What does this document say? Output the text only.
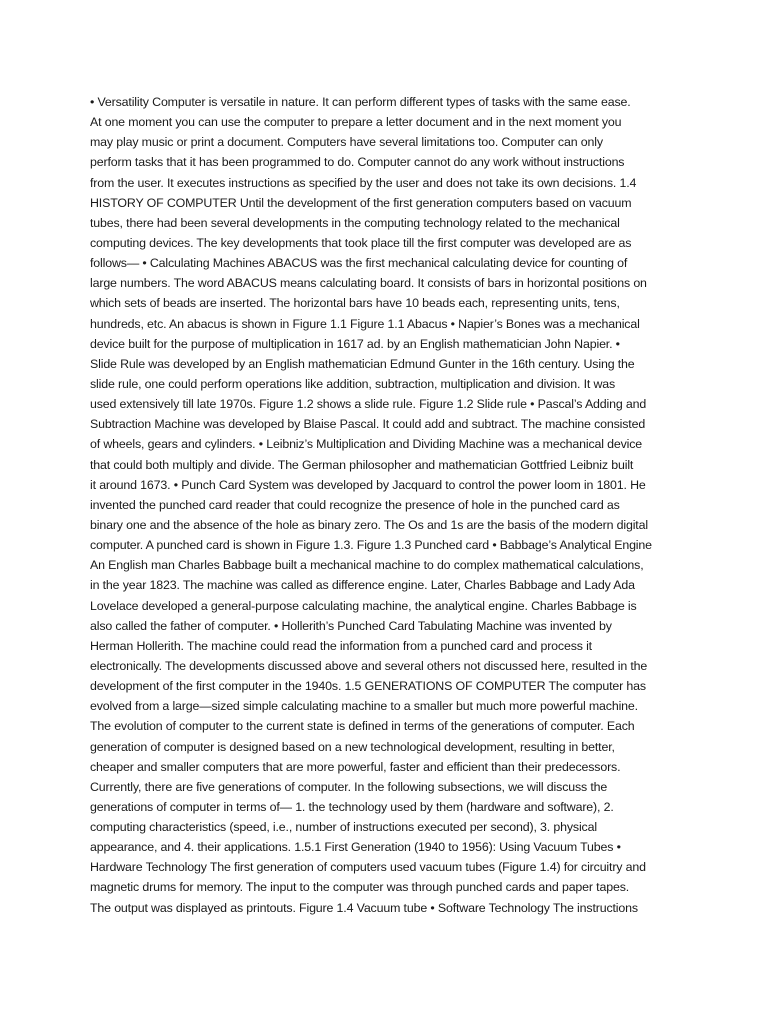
• Versatility Computer is versatile in nature. It can perform different types of tasks with the same ease.
At one moment you can use the computer to prepare a letter document and in the next moment you
may play music or print a document. Computers have several limitations too. Computer can only
perform tasks that it has been programmed to do. Computer cannot do any work without instructions
from the user. It executes instructions as specified by the user and does not take its own decisions. 1.4
HISTORY OF COMPUTER Until the development of the first generation computers based on vacuum
tubes, there had been several developments in the computing technology related to the mechanical
computing devices. The key developments that took place till the first computer was developed are as
follows— • Calculating Machines ABACUS was the first mechanical calculating device for counting of
large numbers. The word ABACUS means calculating board. It consists of bars in horizontal positions on
which sets of beads are inserted. The horizontal bars have 10 beads each, representing units, tens,
hundreds, etc. An abacus is shown in Figure 1.1 Figure 1.1 Abacus • Napier’s Bones was a mechanical
device built for the purpose of multiplication in 1617 ad. by an English mathematician John Napier. •
Slide Rule was developed by an English mathematician Edmund Gunter in the 16th century. Using the
slide rule, one could perform operations like addition, subtraction, multiplication and division. It was
used extensively till late 1970s. Figure 1.2 shows a slide rule. Figure 1.2 Slide rule • Pascal’s Adding and
Subtraction Machine was developed by Blaise Pascal. It could add and subtract. The machine consisted
of wheels, gears and cylinders. • Leibniz’s Multiplication and Dividing Machine was a mechanical device
that could both multiply and divide. The German philosopher and mathematician Gottfried Leibniz built
it around 1673. • Punch Card System was developed by Jacquard to control the power loom in 1801. He
invented the punched card reader that could recognize the presence of hole in the punched card as
binary one and the absence of the hole as binary zero. The Os and 1s are the basis of the modern digital
computer. A punched card is shown in Figure 1.3. Figure 1.3 Punched card • Babbage’s Analytical Engine
An English man Charles Babbage built a mechanical machine to do complex mathematical calculations,
in the year 1823. The machine was called as difference engine. Later, Charles Babbage and Lady Ada
Lovelace developed a general-purpose calculating machine, the analytical engine. Charles Babbage is
also called the father of computer. • Hollerith’s Punched Card Tabulating Machine was invented by
Herman Hollerith. The machine could read the information from a punched card and process it
electronically. The developments discussed above and several others not discussed here, resulted in the
development of the first computer in the 1940s. 1.5 GENERATIONS OF COMPUTER The computer has
evolved from a large—sized simple calculating machine to a smaller but much more powerful machine.
The evolution of computer to the current state is defined in terms of the generations of computer. Each
generation of computer is designed based on a new technological development, resulting in better,
cheaper and smaller computers that are more powerful, faster and efficient than their predecessors.
Currently, there are five generations of computer. In the following subsections, we will discuss the
generations of computer in terms of— 1. the technology used by them (hardware and software), 2.
computing characteristics (speed, i.e., number of instructions executed per second), 3. physical
appearance, and 4. their applications. 1.5.1 First Generation (1940 to 1956): Using Vacuum Tubes •
Hardware Technology The first generation of computers used vacuum tubes (Figure 1.4) for circuitry and
magnetic drums for memory. The input to the computer was through punched cards and paper tapes.
The output was displayed as printouts. Figure 1.4 Vacuum tube • Software Technology The instructions
